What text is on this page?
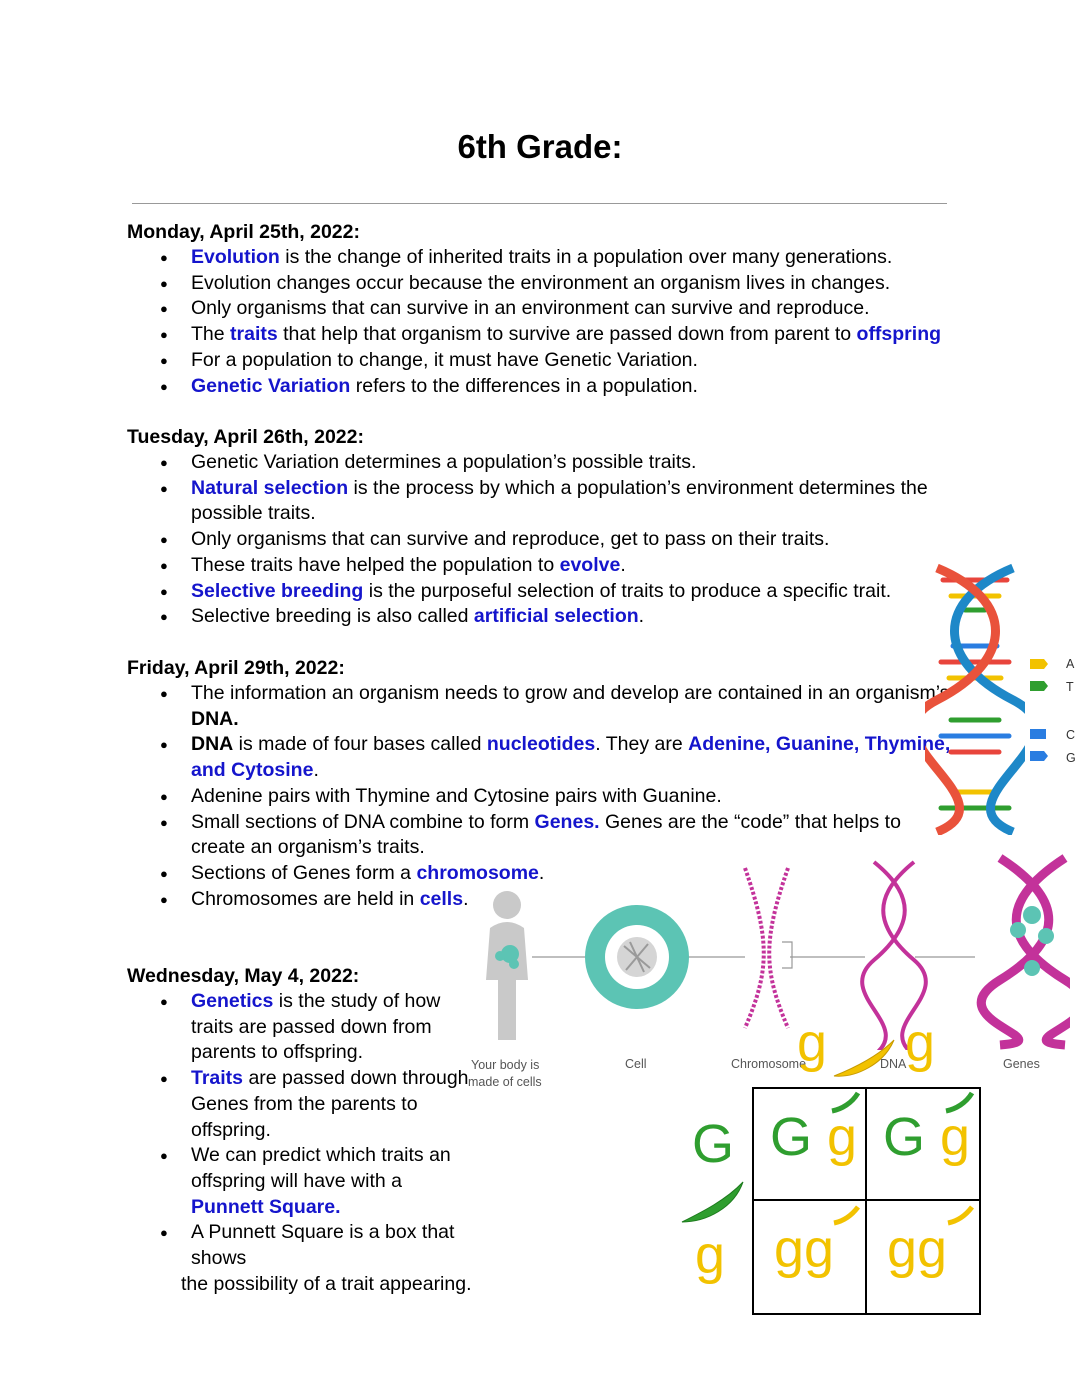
6th Grade:
Monday, April 25th, 2022:
● Evolution is the change of inherited traits in a population over many generations.
● Evolution changes occur because the environment an organism lives in changes.
● Only organisms that can survive in an environment can survive and reproduce.
● The traits that help that organism to survive are passed down from parent to offspring
● For a population to change, it must have Genetic Variation.
● Genetic Variation refers to the differences in a population.
Tuesday, April 26th, 2022:
● Genetic Variation determines a population’s possible traits.
● Natural selection is the process by which a population’s environment determines the possible traits.
● Only organisms that can survive and reproduce, get to pass on their traits.
● These traits have helped the population to evolve.
● Selective breeding is the purposeful selection of traits to produce a specific trait.
● Selective breeding is also called artificial selection.
Friday, April 29th, 2022:
● The information an organism needs to grow and develop are contained in an organism’s DNA.
● DNA is made of four bases called nucleotides. They are Adenine, Guanine, Thymine, and Cytosine.
● Adenine pairs with Thymine and Cytosine pairs with Guanine.
● Small sections of DNA combine to form Genes. Genes are the “code” that helps to create an organism’s traits.
● Sections of Genes form a chromosome.
● Chromosomes are held in cells.
Wednesday, May 4, 2022:
● Genetics is the study of how traits are passed down from parents to offspring.
● Traits are passed down through Genes from the parents to offspring.
● We can predict which traits an offspring will have with a Punnett Square.
● A Punnett Square is a box that shows
the possibility of a trait appearing.
A
T
C
G
Your body is
made of cells
Cell	Chromosome	DNA	Genes
g g
G
g
G g G g
gg gg
